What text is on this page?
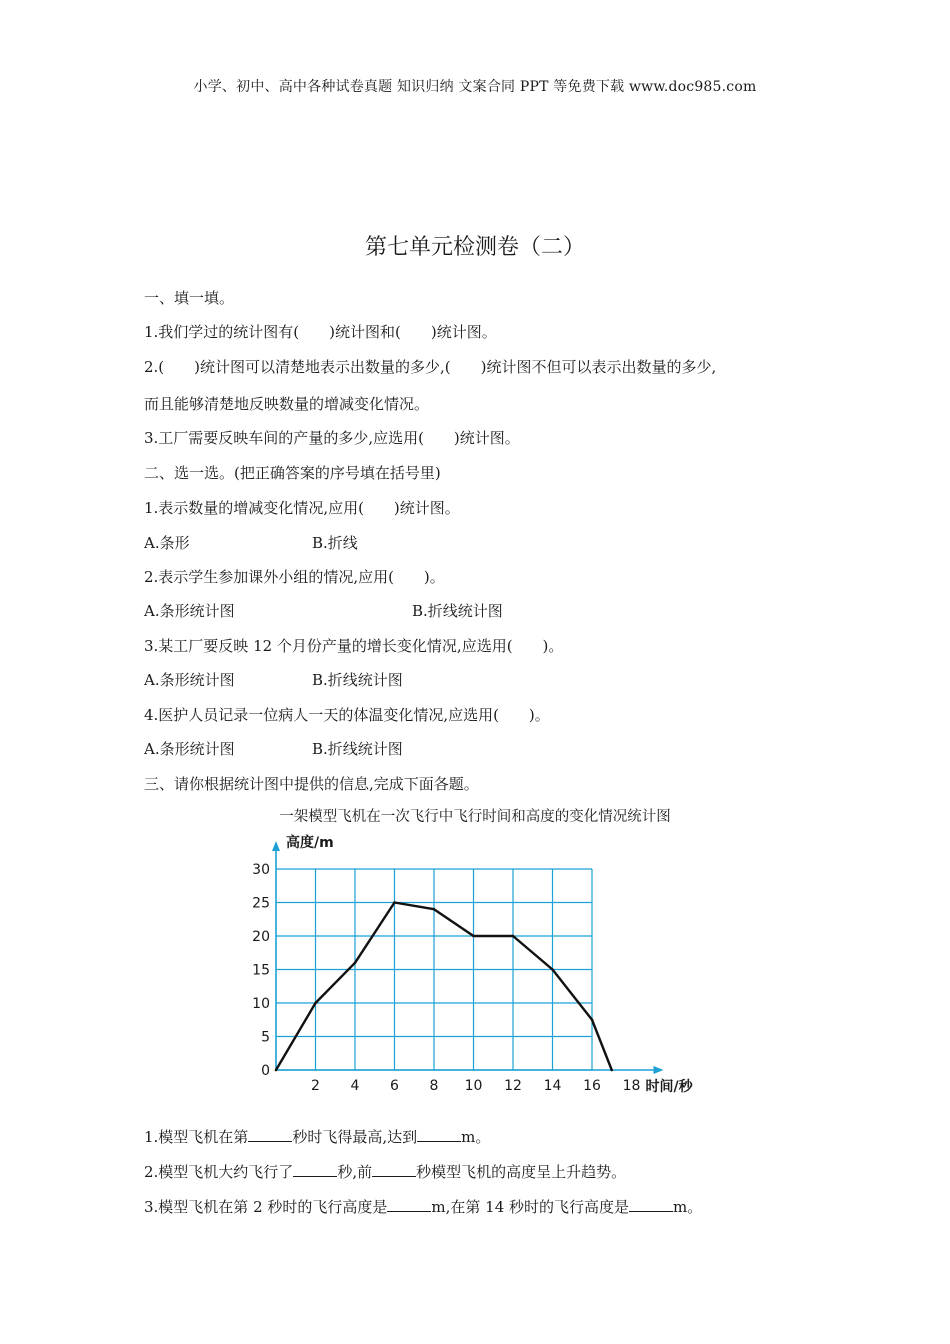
小学、初中、高中各种试卷真题 知识归纳 文案合同 PPT 等免费下载 www.doc985.com
第七单元检测卷（二）
一、填一填。
1.我们学过的统计图有(　　)统计图和(　　)统计图。
2.(　　)统计图可以清楚地表示出数量的多少,(　　)统计图不但可以表示出数量的多少,
而且能够清楚地反映数量的增减变化情况。
3.工厂需要反映车间的产量的多少,应选用(　　)统计图。
二、选一选。(把正确答案的序号填在括号里)
1.表示数量的增减变化情况,应用(　　)统计图。
A.条形	B.折线
2.表示学生参加课外小组的情况,应用(　　)。
A.条形统计图	B.折线统计图
3.某工厂要反映 12 个月份产量的增长变化情况,应选用(　　)。
A.条形统计图	B.折线统计图
4.医护人员记录一位病人一天的体温变化情况,应选用(　　)。
A.条形统计图	B.折线统计图
三、请你根据统计图中提供的信息,完成下面各题。
一架模型飞机在一次飞行中飞行时间和高度的变化情况统计图
0
5
10
15
20
25
30
2 4 6 8 10 12 14 16 18
高度/m
时间/秒
1.模型飞机在第	秒时飞得最高,达到	m。
2.模型飞机大约飞行了	秒,前	秒模型飞机的高度呈上升趋势。
3.模型飞机在第 2 秒时的飞行高度是	m,在第 14 秒时的飞行高度是	m。
